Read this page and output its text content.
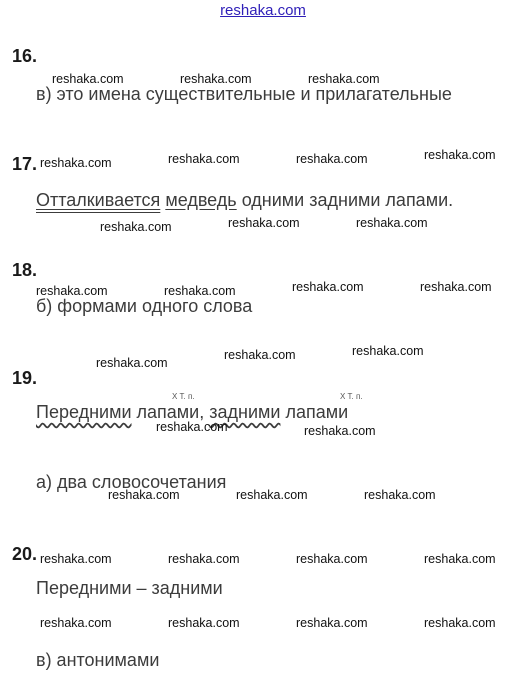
reshaka.com
16.
reshaka.com	reshaka.com	reshaka.com
в) это имена существительные и прилагательные
17. reshaka.com	reshaka.com	reshaka.com	reshaka.com
Отталкивается медведь одними задними лапами.
reshaka.com	reshaka.com	reshaka.com
18.
reshaka.com	reshaka.com	reshaka.com	reshaka.com
б) формами одного слова
reshaka.com
reshaka.com	reshaka.com
19.
Х Т. п.	Х Т. п.
Передними лапами, задними лапами
reshaka.com	reshaka.com
а) два словосочетания
reshaka.com	reshaka.com	reshaka.com
20. reshaka.com	reshaka.com	reshaka.com	reshaka.com
Передними – задними
reshaka.com	reshaka.com	reshaka.com	reshaka.com
в) антонимами
